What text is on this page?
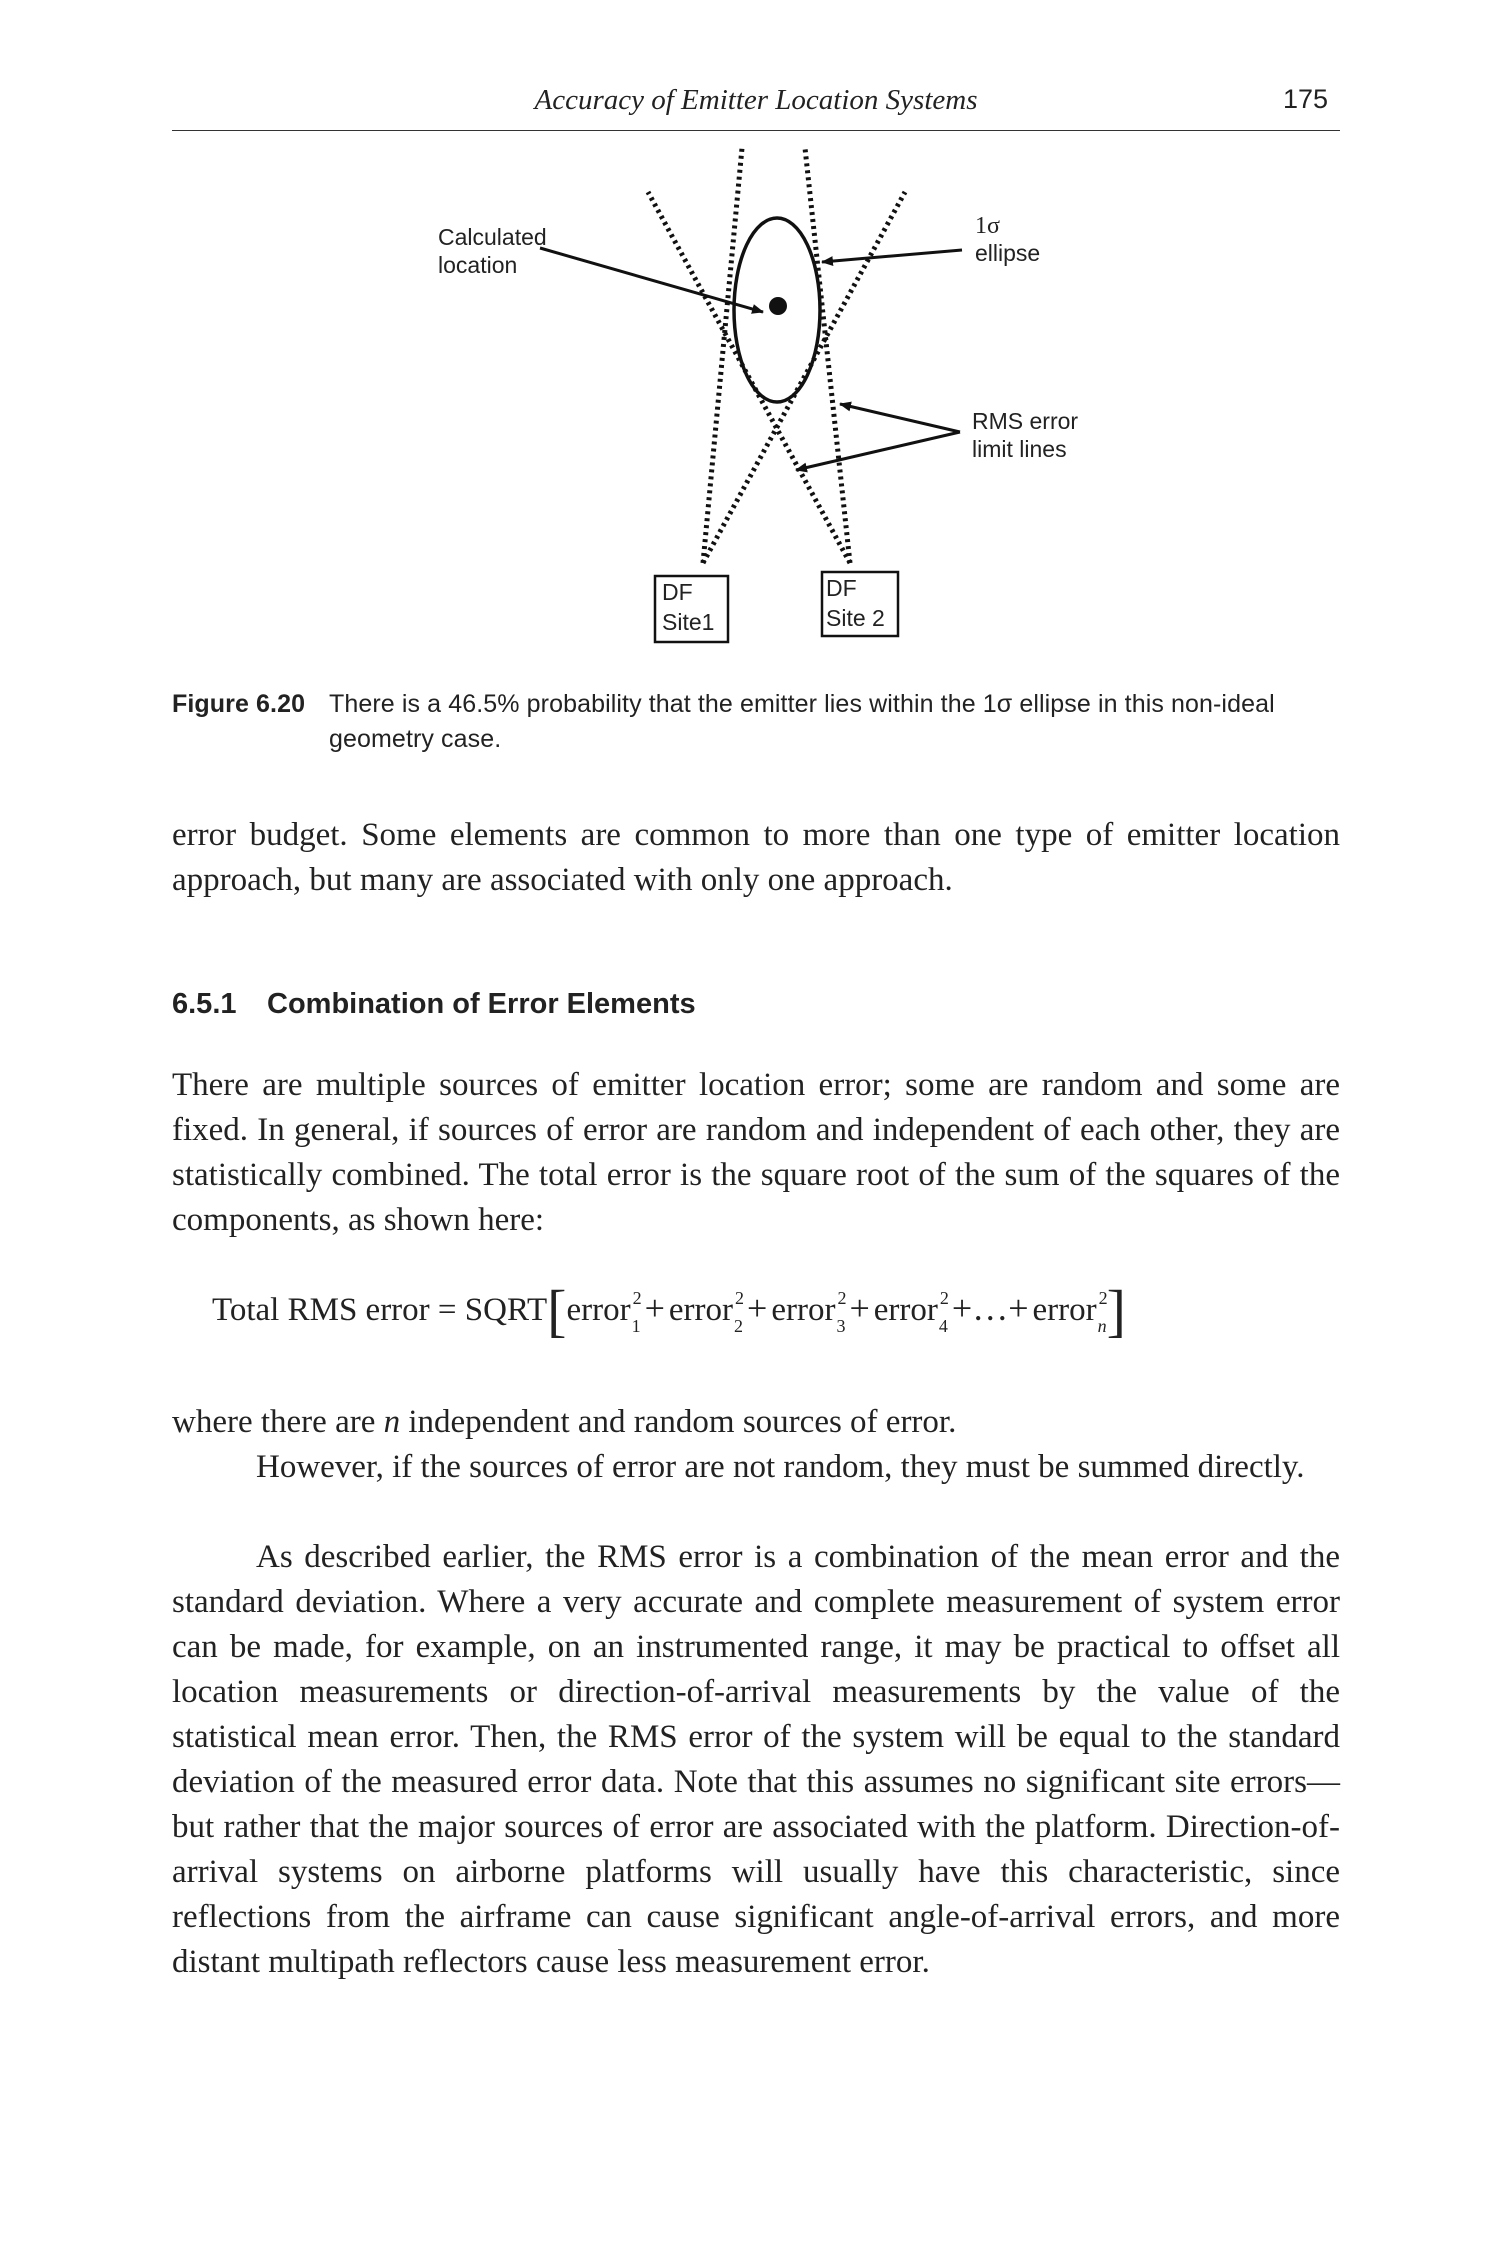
Accuracy of Emitter Location Systems	175
Calculated
location
1σ
ellipse
RMS error
limit lines
DF
Site1
DF
Site 2
Figure 6.20 There is a 46.5% probability that the emitter lies within the 1σ ellipse in this non-ideal geometry case.

error budget. Some elements are common to more than one type of emitter location approach, but many are associated with only one approach.

6.5.1 Combination of Error Elements

There are multiple sources of emitter location error; some are random and some are fixed. In general, if sources of error are random and independent of each other, they are statistically combined. The total error is the square root of the sum of the squares of the components, as shown here:

Total RMS error = SQRT[error $^2_1$ + error $^2_2$ + error $^2_3$ + error $^2_4$ +…+ error $^2_n$]

where there are n independent and random sources of error.

However, if the sources of error are not random, they must be summed directly.

As described earlier, the RMS error is a combination of the mean error and the standard deviation. Where a very accurate and complete measurement of system error can be made, for example, on an instrumented range, it may be practical to offset all location measurements or direction-of-arrival measurements by the value of the statistical mean error. Then, the RMS error of the system will be equal to the standard deviation of the measured error data. Note that this assumes no significant site errors—but rather that the major sources of error are associated with the platform. Direction-of-arrival systems on airborne platforms will usually have this characteristic, since reflections from the airframe can cause significant angle-of-arrival errors, and more distant multipath reflectors cause less measurement error.
